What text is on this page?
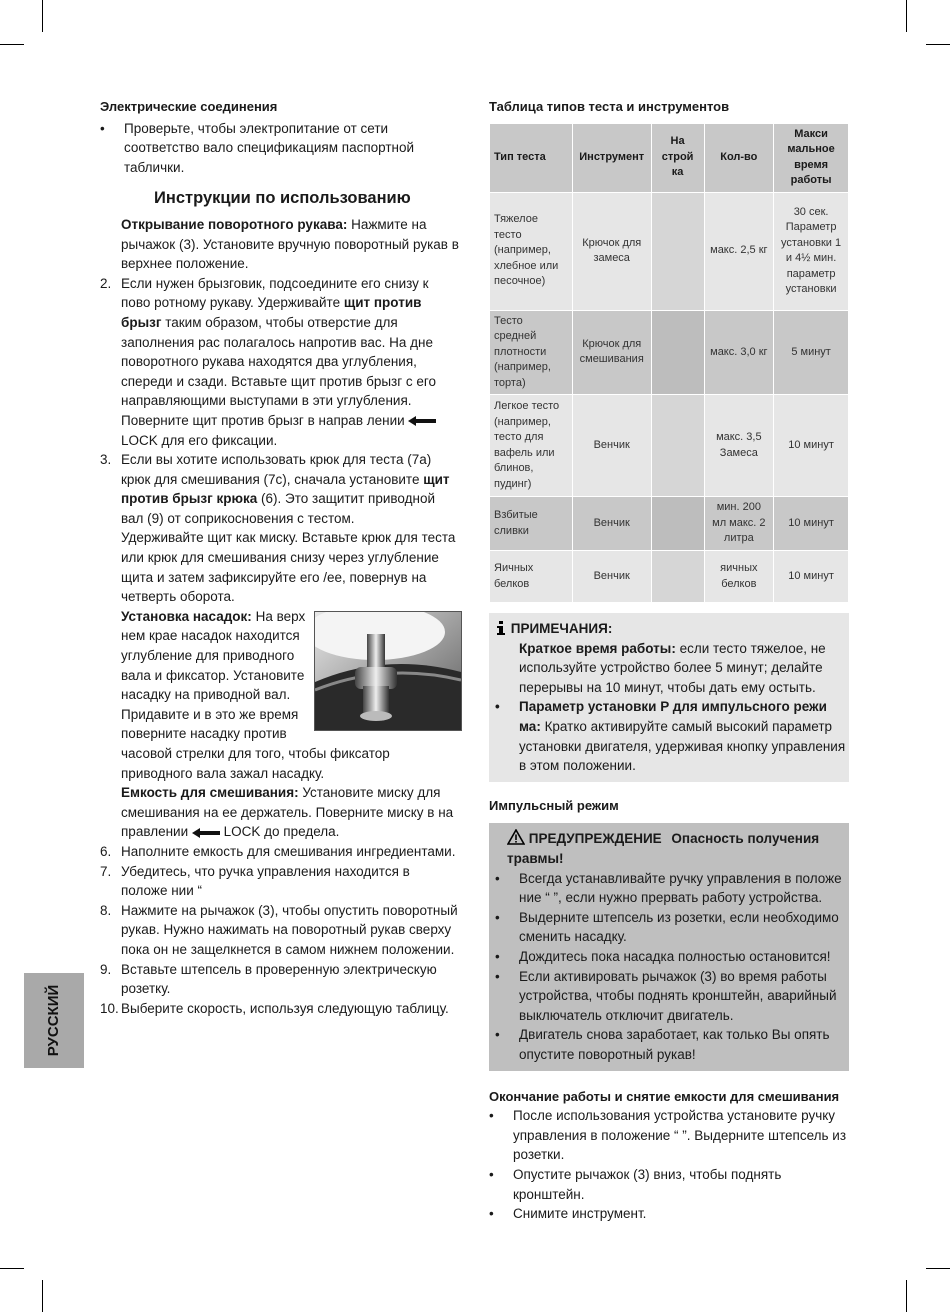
РУССКИЙ

Электрические соединения

• Проверьте, чтобы электропитание от сети соответство вало спецификациям паспортной таблички.
Инструкции по использованию

Открывание поворотного рукава: Нажмите на рычажок (3). Установите вручную поворотный рукав в верхнее положение.

2. Если нужен брызговик, подсоедините его снизу к пово ротному рукаву. Удерживайте щит против брызг таким образом, чтобы отверстие для заполнения рас полагалось напротив вас. На дне поворотного рукава находятся два углубления, спереди и сзади. Вставьте щит против брызг с его направляющими выступами в эти углубления. Поверните щит против брызг в направ лении  LOCK для его фиксации.
3. Если вы хотите использовать крюк для теста (7a) крюк для смешивания (7c), сначала установите щит против брызг крюка (6). Это защитит приводной вал (9) от соприкосновения с тестом.

Удерживайте щит как миску. Вставьте крюк для теста или крюк для смешивания снизу через углубление щита и затем зафиксируйте его /ее, повернув на четверть оборота.

Установка насадок: На верх нем крае насадок находится углубление для приводного вала и фиксатор. Установите насадку на приводной вал. Придавите и в это же время поверните насадку против

часовой стрелки для того, чтобы фиксатор приводного вала зажал насадку.

Емкость для смешивания: Установите миску для смешивания на ее держатель. Поверните миску в на правлении  LOCK до предела.

6. Наполните емкость для смешивания ингредиентами.
7. Убедитесь, что ручка управления находится в положе нии “
8. Нажмите на рычажок (3), чтобы опустить поворотный рукав. Нужно нажимать на поворотный рукав сверху пока он не защелкнется в самом нижнем положении.
9. Вставьте штепсель в проверенную электрическую розетку.
10. Выберите скорость, используя следующую таблицу.

Таблица типов теста и инструментов

Тип теста	Инструмент	На строй ка	Кол-во	Макси мальное время работы
Тяжелое тесто (например, хлебное или песочное)	Крючок для замеса		макс. 2,5 кг	30 сек. Параметр установки 1 и 4½ мин. параметр установки
Тесто средней плотности (например, торта)	Крючок для смешивания		макс. 3,0 кг	5 минут
Легкое тесто (например, тесто для вафель или блинов, пудинг)	Венчик		макс. 3,5 Замеса	10 минут
Взбитые сливки	Венчик		мин. 200 мл макс. 2 литра	10 минут
Яичных белков	Венчик		яичных белков	10 минут
ПРИМЕЧАНИЯ:

Краткое время работы: если тесто тяжелое, не используйте устройство более 5 минут; делайте перерывы на 10 минут, чтобы дать ему остыть.

• Параметр установки P для импульсного режи ма: Кратко активируйте самый высокий параметр установки двигателя, удерживая кнопку управления в этом положении.

Импульсный режим

ПРЕДУПРЕЖДЕНИЕ Опасность получения травмы!
• Всегда устанавливайте ручку управления в положе ние “ ”, если нужно прервать работу устройства.
• Выдерните штепсель из розетки, если необходимо сменить насадку.
• Дождитесь пока насадка полностью остановится!
• Если активировать рычажок (3) во время работы устройства, чтобы поднять кронштейн, аварийный выключатель отключит двигатель.
• Двигатель снова заработает, как только Вы опять опустите поворотный рукав!

Окончание работы и снятие емкости для смешивания

• После использования устройства установите ручку управления в положение “ ”. Выдерните штепсель из розетки.
• Опустите рычажок (3) вниз, чтобы поднять кронштейн.
• Снимите инструмент.
